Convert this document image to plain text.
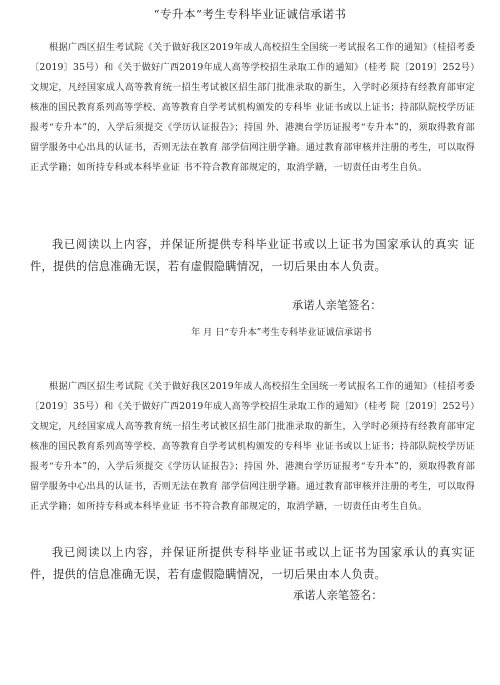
“专升本”考生专科毕业证诚信承诺书

根据广西区招生考试院《关于做好我区2019年成人高校招生全国统一考试报名工作的通知》（桂招考委〔2019〕35号）和《关于做好广西2019年成人高等学校招生录取工作的通知》（桂考 院〔2019〕252号）文规定，凡经国家成人高等教育统一招生考试被区招生部门批准录取的新生，入学时必须持有经教育部审定核准的国民教育系列高等学校、高等教育自学考试机构颁发的专科毕 业证书或以上证书；持部队院校学历证报考“专升本”的，入学后须提交《学历认证报告》；持国 外、港澳台学历证报考“专升本”的，须取得教育部留学服务中心出具的认证书，否则无法在教育 部学信网注册学籍。通过教育部审核并注册的考生，可以取得正式学籍；如所持专科或本科毕业证 书不符合教育部规定的，取消学籍，一切责任由考生自负。

我已阅读以上内容，并保证所提供专科毕业证书或以上证书为国家承认的真实 证件，提供的信息准确无误，若有虚假隐瞒情况，一切后果由本人负责。

承诺人亲笔签名：
年 月 日“专升本”考生专科毕业证诚信承诺书

根据广西区招生考试院《关于做好我区2019年成人高校招生全国统一考试报名工作的通知》（桂招考委〔2019〕35号）和《关于做好广西2019年成人高等学校招生录取工作的通知》（桂考 院〔2019〕252号）文规定，凡经国家成人高等教育统一招生考试被区招生部门批准录取的新生，入学时必须持有经教育部审定核准的国民教育系列高等学校、高等教育自学考试机构颁发的专科毕 业证书或以上证书；持部队院校学历证报考“专升本”的，入学后须提交《学历认证报告》；持国 外、港澳台学历证报考“专升本”的，须取得教育部留学服务中心出具的认证书，否则无法在教育 部学信网注册学籍。通过教育部审核并注册的考生，可以取得正式学籍；如所持专科或本科毕业证 书不符合教育部规定的，取消学籍，一切责任由考生自负。

我已阅读以上内容，并保证所提供专科毕业证书或以上证书为国家承认的真实证件，提供的信息准确无误，若有虚假隐瞒情况，一切后果由本人负责。

承诺人亲笔签名：
